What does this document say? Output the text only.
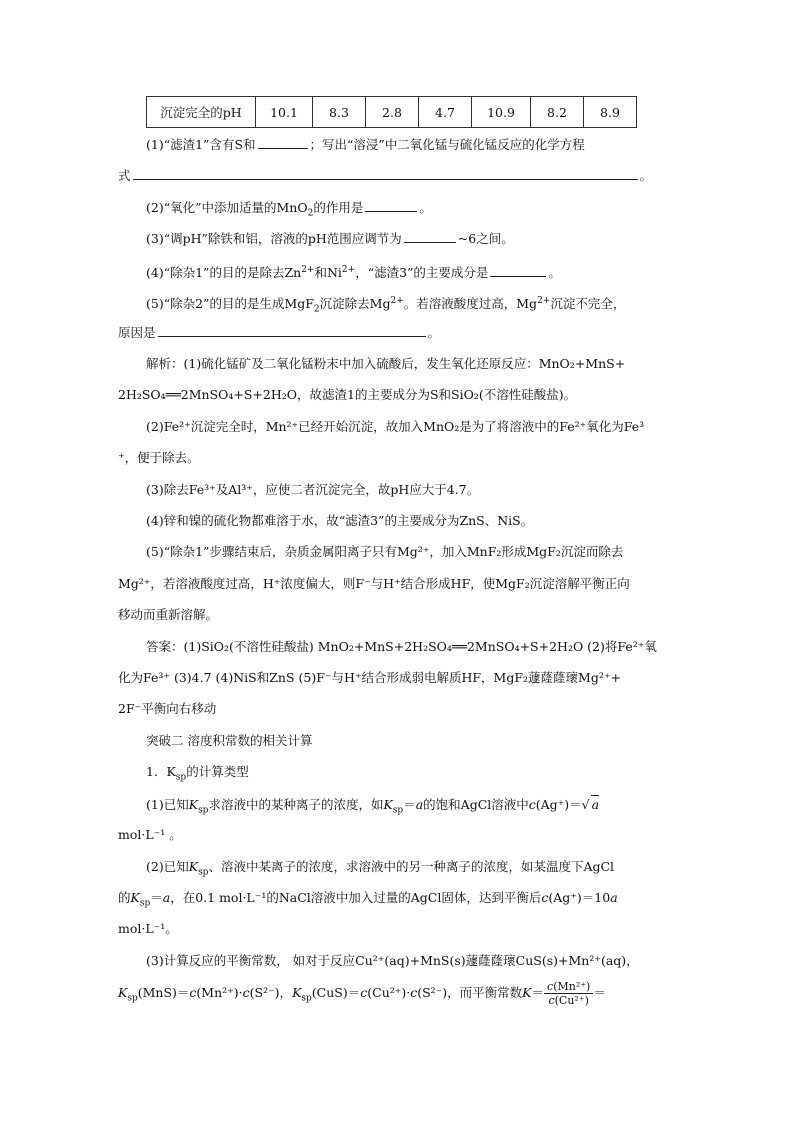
沉淀完全的pH	10.1	8.3	2.8	4.7	10.9	8.2	8.9
(1)“滤渣1”含有S和	；写出“溶浸”中二氧化锰与硫化锰反应的化学方程
式	。
(2)“氧化”中添加适量的MnO$_2$的作用是	。
(3)“调pH”除铁和铝，溶液的pH范围应调节为	~6之间。
(4)“除杂1”的目的是除去$Zn^{2+}$和$Ni^{2+}$，“滤渣3”的主要成分是	。
(5)“除杂2”的目的是生成MgF$_2$沉淀除去$Mg^{2+}$。若溶液酸度过高，$Mg^{2+}$沉淀不完全，
原因是	。
解析：(1)硫化锰矿及二氧化锰粉末中加入硫酸后，发生氧化还原反应：MnO₂+MnS+
2H₂SO₄══2MnSO₄+S+2H₂O，故滤渣1的主要成分为S和SiO₂(不溶性硅酸盐)。
(2)Fe²⁺沉淀完全时，Mn²⁺已经开始沉淀，故加入MnO₂是为了将溶液中的Fe²⁺氧化为Fe³
⁺，便于除去。
(3)除去Fe³⁺及Al³⁺，应使二者沉淀完全，故pH应大于4.7。
(4)锌和镍的硫化物都难溶于水，故“滤渣3”的主要成分为ZnS、NiS。
(5)“除杂1”步骤结束后，杂质金属阳离子只有Mg²⁺，加入MnF₂形成MgF₂沉淀而除去
Mg²⁺，若溶液酸度过高，H⁺浓度偏大，则F⁻与H⁺结合形成HF，使MgF₂沉淀溶解平衡正向
移动而重新溶解。
答案：(1)SiO₂(不溶性硅酸盐) MnO₂+MnS+2H₂SO₄══2MnSO₄+S+2H₂O (2)将Fe²⁺氧
化为Fe³⁺ (3)4.7 (4)NiS和ZnS (5)F⁻与H⁺结合形成弱电解质HF，MgF₂蘧蕯蕯瓌Mg²⁺+
2F⁻平衡向右移动
突破二 溶度积常数的相关计算
1．$K_{sp}$的计算类型
(1)已知$K_{sp}$求溶液中的某种离子的浓度，如$K_{sp}=a$的饱和AgCl溶液中c(Ag⁺)＝√ a
mol·L⁻¹ 。
(2)已知$K_{sp}$、溶液中某离子的浓度，求溶液中的另一种离子的浓度，如某温度下AgCl
的$K_{sp}=a$，在0.1 mol·L⁻¹的NaCl溶液中加入过量的AgCl固体，达到平衡后c(Ag⁺)＝10a
mol·L⁻¹。
(3)计算反应的平衡常数， 如对于反应Cu²⁺(aq)+MnS(s)蘧蕯蕯瓌CuS(s)+Mn²⁺(aq)，
$K_{sp}(MnS)=c(Mn^{2+})\cdot c(S^{2-})$，$K_{sp}(CuS)=c(Cu^{2+})\cdot c(S^{2-})$，而平衡常数$K= \frac{\text{c(Mn²⁺)}}{\text{c(Cu²⁺)}}$ ＝
